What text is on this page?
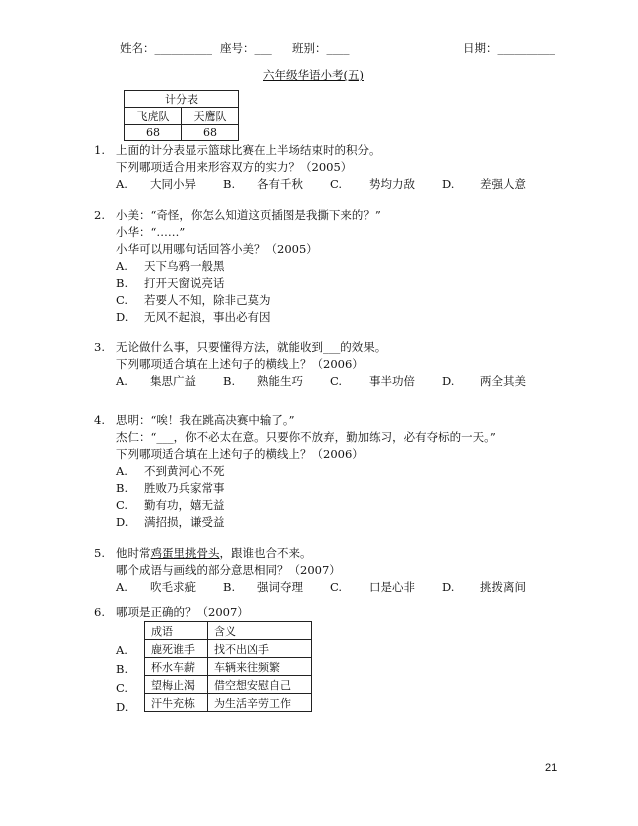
姓名：__________ 座号：___ 班别：____	日期：__________
六年级华语小考(五)
计分表	
飞虎队	天鹰队
68	68
1. 上面的计分表显示篮球比赛在上半场结束时的积分。
下列哪项适合用来形容双方的实力？（2005）
A. 大同小异 B. 各有千秋 C. 势均力敌 D. 差强人意
2. 小美：“奇怪，你怎么知道这页插图是我撕下来的？”
小华：“……”
小华可以用哪句话回答小美？（2005）
A. 天下乌鸦一般黑
B. 打开天窗说亮话
C. 若要人不知，除非己莫为
D. 无风不起浪，事出必有因
3. 无论做什么事，只要懂得方法，就能收到___的效果。
下列哪项适合填在上述句子的横线上？（2006）
A. 集思广益 B. 熟能生巧 C. 事半功倍 D. 两全其美
4. 思明：“唉！我在跳高决赛中输了。”
杰仁：“___，你不必太在意。只要你不放弃，勤加练习，必有夺标的一天。”
下列哪项适合填在上述句子的横线上？（2006）
A. 不到黄河心不死
B. 胜败乃兵家常事
C. 勤有功，嬉无益
D. 满招损，谦受益
5. 他时常鸡蛋里挑骨头，跟谁也合不来。
哪个成语与画线的部分意思相同？（2007）
A. 吹毛求疵 B. 强词夺理 C. 口是心非 D. 挑拨离间
6. 哪项是正确的？（2007）
A.
B.
C.
D.
成语	含义
鹿死谁手	找不出凶手
杯水车薪	车辆来往频繁
望梅止渴	借空想安慰自己
汗牛充栋	为生活辛劳工作
21
